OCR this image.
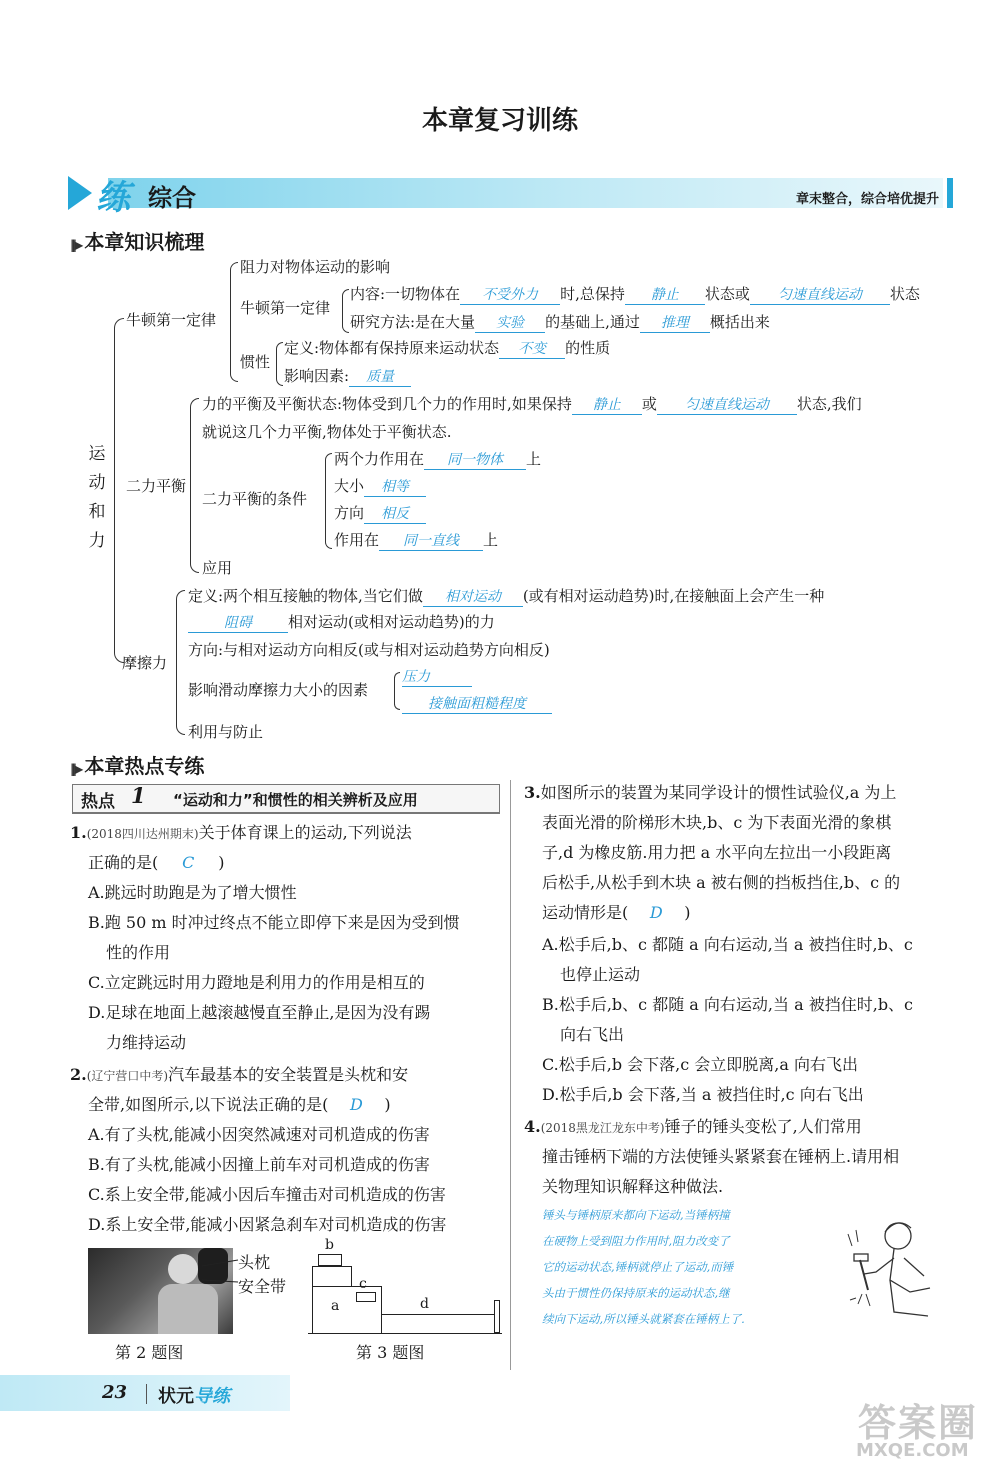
本章复习训练
练 综合	章末整合，综合培优提升
|||▶ 本章知识梳理
运
动
和
力
牛顿第一定律
阻力对物体运动的影响
牛顿第一定律
内容:一切物体在 不受外力 时,总保持 静止 状态或 匀速直线运动 状态
研究方法:是在大量 实验 的基础上,通过 推理 概括出来
惯性
定义:物体都有保持原来运动状态 不变 的性质
影响因素: 质量
二力平衡
力的平衡及平衡状态:物体受到几个力的作用时,如果保持 静止 或 匀速直线运动 状态,我们
就说这几个力平衡,物体处于平衡状态.
二力平衡的条件
两个力作用在 同一物体 上
大小 相等
方向 相反
作用在 同一直线 上
应用
摩擦力
定义:两个相互接触的物体,当它们做 相对运动 (或有相对运动趋势)时,在接触面上会产生一种
阻碍 相对运动(或相对运动趋势)的力
方向:与相对运动方向相反(或与相对运动趋势方向相反)
影响滑动摩擦力大小的因素
压力
接触面粗糙程度
利用与防止
|||▶ 本章热点专练
热点 1 “运动和力”和惯性的相关辨析及应用
1.(2018四川达州期末)关于体育课上的运动,下列说法
正确的是( C )
A.跳远时助跑是为了增大惯性
B.跑 50 m 时冲过终点不能立即停下来是因为受到惯
性的作用
C.立定跳远时用力蹬地是利用力的作用是相互的
D.足球在地面上越滚越慢直至静止,是因为没有踢
力维持运动
2.(辽宁营口中考)汽车最基本的安全装置是头枕和安
全带,如图所示,以下说法正确的是( D )
A.有了头枕,能减小因突然减速对司机造成的伤害
B.有了头枕,能减小因撞上前车对司机造成的伤害
C.系上安全带,能减小因后车撞击对司机造成的伤害
D.系上安全带,能减小因紧急刹车对司机造成的伤害
头枕
安全带
第 2 题图
b
c
a	d
第 3 题图
3.如图所示的装置为某同学设计的惯性试验仪,a 为上
表面光滑的阶梯形木块,b、c 为下表面光滑的象棋
子,d 为橡皮筋.用力把 a 水平向左拉出一小段距离
后松手,从松手到木块 a 被右侧的挡板挡住,b、c 的
运动情形是( D )
A.松手后,b、c 都随 a 向右运动,当 a 被挡住时,b、c
也停止运动
B.松手后,b、c 都随 a 向右运动,当 a 被挡住时,b、c
向右飞出
C.松手后,b 会下落,c 会立即脱离,a 向右飞出
D.松手后,b 会下落,当 a 被挡住时,c 向右飞出
4.(2018黑龙江龙东中考)锤子的锤头变松了,人们常用
撞击锤柄下端的方法使锤头紧紧套在锤柄上.请用相
关物理知识解释这种做法.
锤头与锤柄原来都向下运动,当锤柄撞
在硬物上受到阻力作用时,阻力改变了
它的运动状态,锤柄就停止了运动,而锤
头由于惯性仍保持原来的运动状态,继
续向下运动,所以锤头就紧套在锤柄上了.
23 状元导练
答案圈
MXQE.COM
